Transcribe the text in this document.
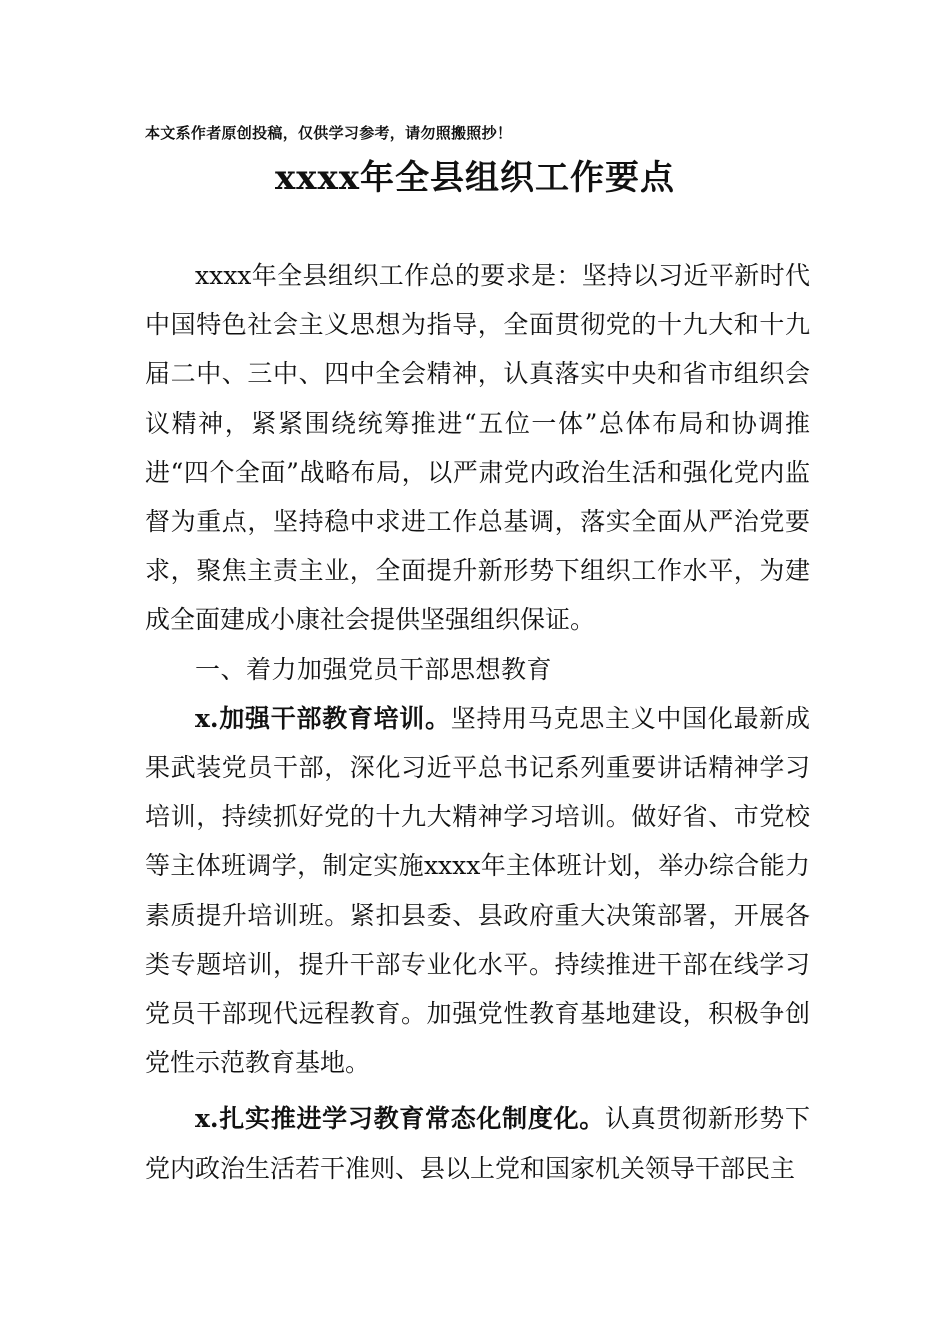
本文系作者原创投稿，仅供学习参考，请勿照搬照抄！
xxxx年全县组织工作要点

xxxx年全县组织工作总的要求是：坚持以习近平新时代中国特色社会主义思想为指导，全面贯彻党的十九大和十九届二中、三中、四中全会精神，认真落实中央和省市组织会议精神，紧紧围绕统筹推进“五位一体”总体布局和协调推进“四个全面”战略布局，以严肃党内政治生活和强化党内监督为重点，坚持稳中求进工作总基调，落实全面从严治党要求，聚焦主责主业，全面提升新形势下组织工作水平，为建成全面建成小康社会提供坚强组织保证。

一、着力加强党员干部思想教育

x.加强干部教育培训。坚持用马克思主义中国化最新成果武装党员干部，深化习近平总书记系列重要讲话精神学习培训，持续抓好党的十九大精神学习培训。做好省、市党校等主体班调学，制定实施xxxx年主体班计划，举办综合能力素质提升培训班。紧扣县委、县政府重大决策部署，开展各类专题培训，提升干部专业化水平。持续推进干部在线学习党员干部现代远程教育。加强党性教育基地建设，积极争创党性示范教育基地。

x.扎实推进学习教育常态化制度化。认真贯彻新形势下党内政治生活若干准则、县以上党和国家机关领导干部民主
